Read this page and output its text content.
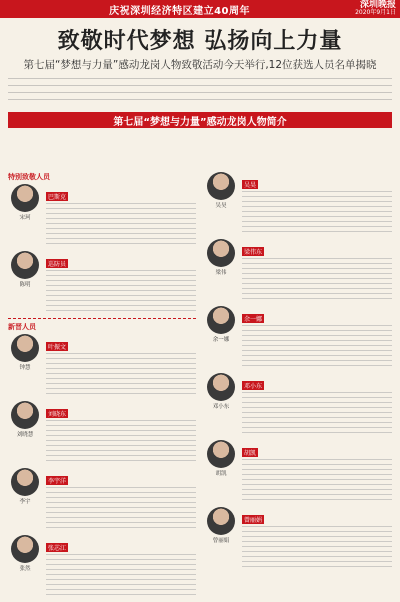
庆祝深圳经济特区建立40周年
深圳晚报
2020年9月1日
致敬时代梦想 弘扬向上力量
第七届“梦想与力量”感动龙岗人物致敬活动今天举行,12位获选人员名单揭晓
第七届“梦想与力量”感动龙岗人物简介
特别致敬人员
宋珂
巴斯克
陈明
巡防员
新晋人员
钟慧
叶振文
刘晓慧
刘晓东
李宇
李宇洋
张然
张芯江
吴昊
吴昊
梁伟
梁伟东
余一娜
余一娜
邓小东
邓小东
胡凯
胡凯
曾丽娟
曾丽娟
